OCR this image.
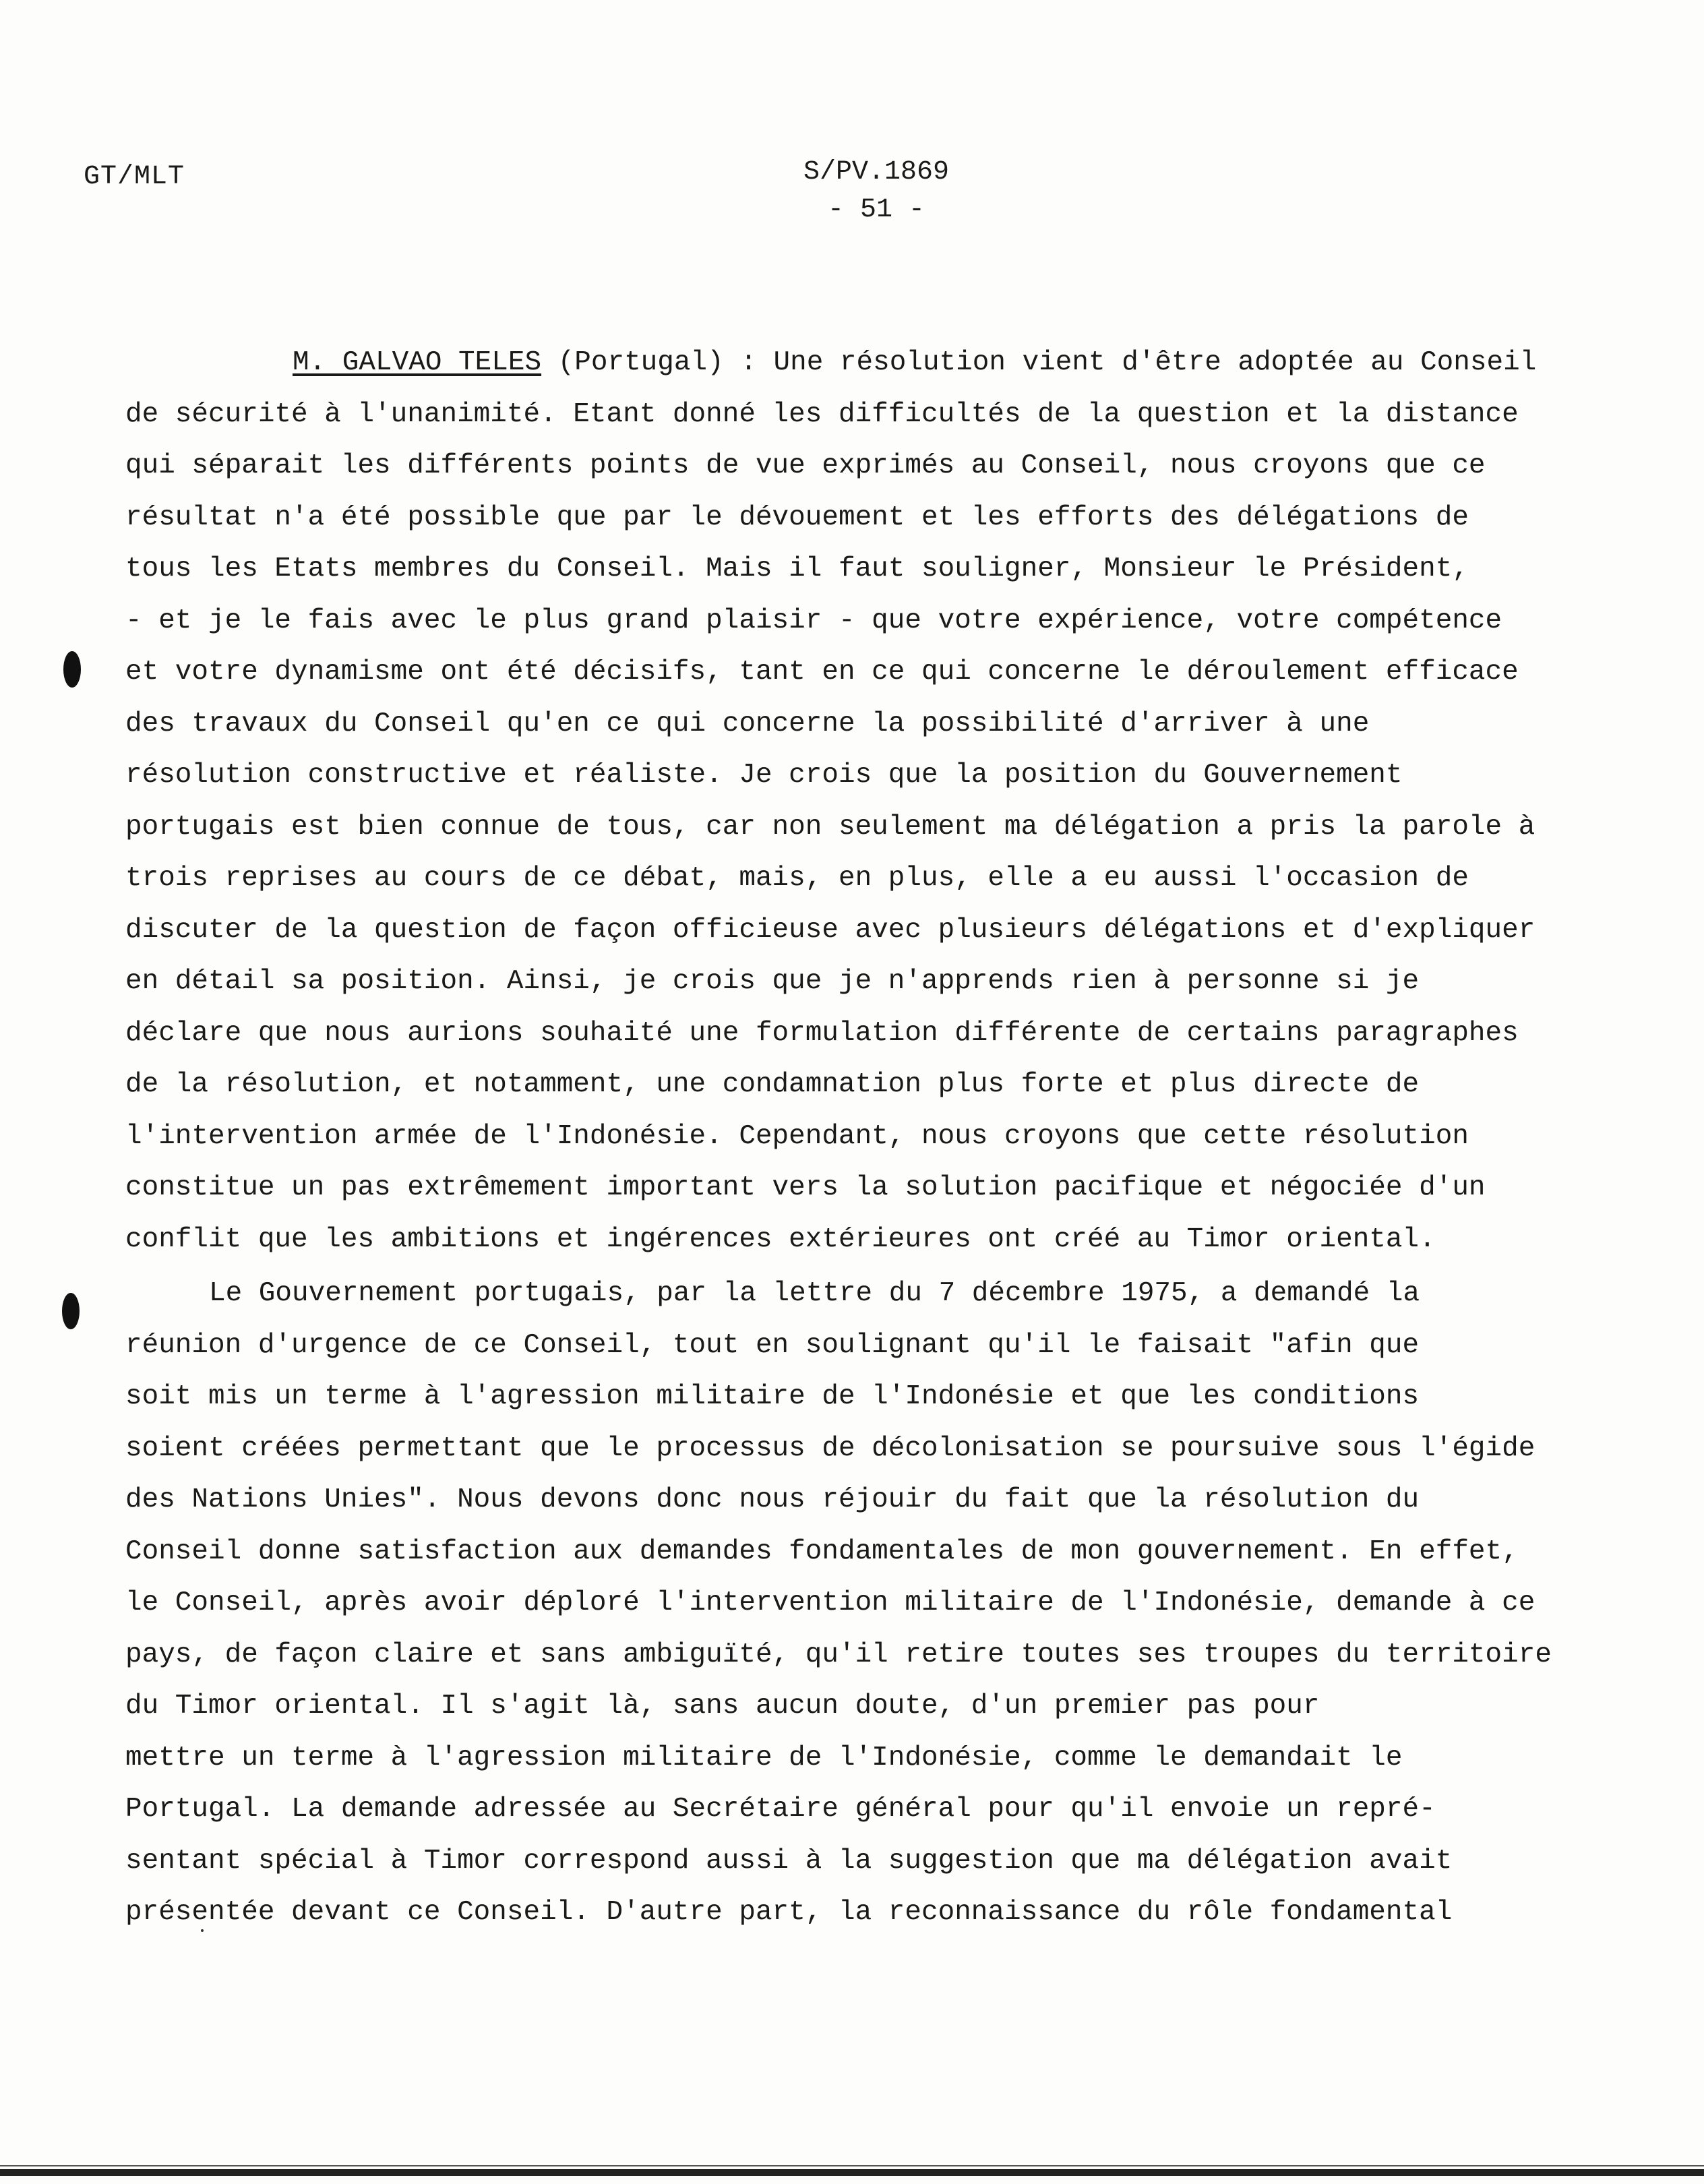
GT/MLT	S/PV.1869
- 51 -
M. GALVAO TELES (Portugal) : Une résolution vient d'être adoptée au Conseil
de sécurité à l'unanimité. Etant donné les difficultés de la question et la distance
qui séparait les différents points de vue exprimés au Conseil, nous croyons que ce
résultat n'a été possible que par le dévouement et les efforts des délégations de
tous les Etats membres du Conseil. Mais il faut souligner, Monsieur le Président,
- et je le fais avec le plus grand plaisir - que votre expérience, votre compétence
et votre dynamisme ont été décisifs, tant en ce qui concerne le déroulement efficace
des travaux du Conseil qu'en ce qui concerne la possibilité d'arriver à une
résolution constructive et réaliste. Je crois que la position du Gouvernement
portugais est bien connue de tous, car non seulement ma délégation a pris la parole à
trois reprises au cours de ce débat, mais, en plus, elle a eu aussi l'occasion de
discuter de la question de façon officieuse avec plusieurs délégations et d'expliquer
en détail sa position. Ainsi, je crois que je n'apprends rien à personne si je
déclare que nous aurions souhaité une formulation différente de certains paragraphes
de la résolution, et notamment, une condamnation plus forte et plus directe de
l'intervention armée de l'Indonésie. Cependant, nous croyons que cette résolution
constitue un pas extrêmement important vers la solution pacifique et négociée d'un
conflit que les ambitions et ingérences extérieures ont créé au Timor oriental.
Le Gouvernement portugais, par la lettre du 7 décembre 1975, a demandé la
réunion d'urgence de ce Conseil, tout en soulignant qu'il le faisait "afin que
soit mis un terme à l'agression militaire de l'Indonésie et que les conditions
soient créées permettant que le processus de décolonisation se poursuive sous l'égide
des Nations Unies". Nous devons donc nous réjouir du fait que la résolution du
Conseil donne satisfaction aux demandes fondamentales de mon gouvernement. En effet,
le Conseil, après avoir déploré l'intervention militaire de l'Indonésie, demande à ce
pays, de façon claire et sans ambiguïté, qu'il retire toutes ses troupes du territoire
du Timor oriental. Il s'agit là, sans aucun doute, d'un premier pas pour
mettre un terme à l'agression militaire de l'Indonésie, comme le demandait le
Portugal. La demande adressée au Secrétaire général pour qu'il envoie un repré-
sentant spécial à Timor correspond aussi à la suggestion que ma délégation avait
présentée devant ce Conseil. D'autre part, la reconnaissance du rôle fondamental
